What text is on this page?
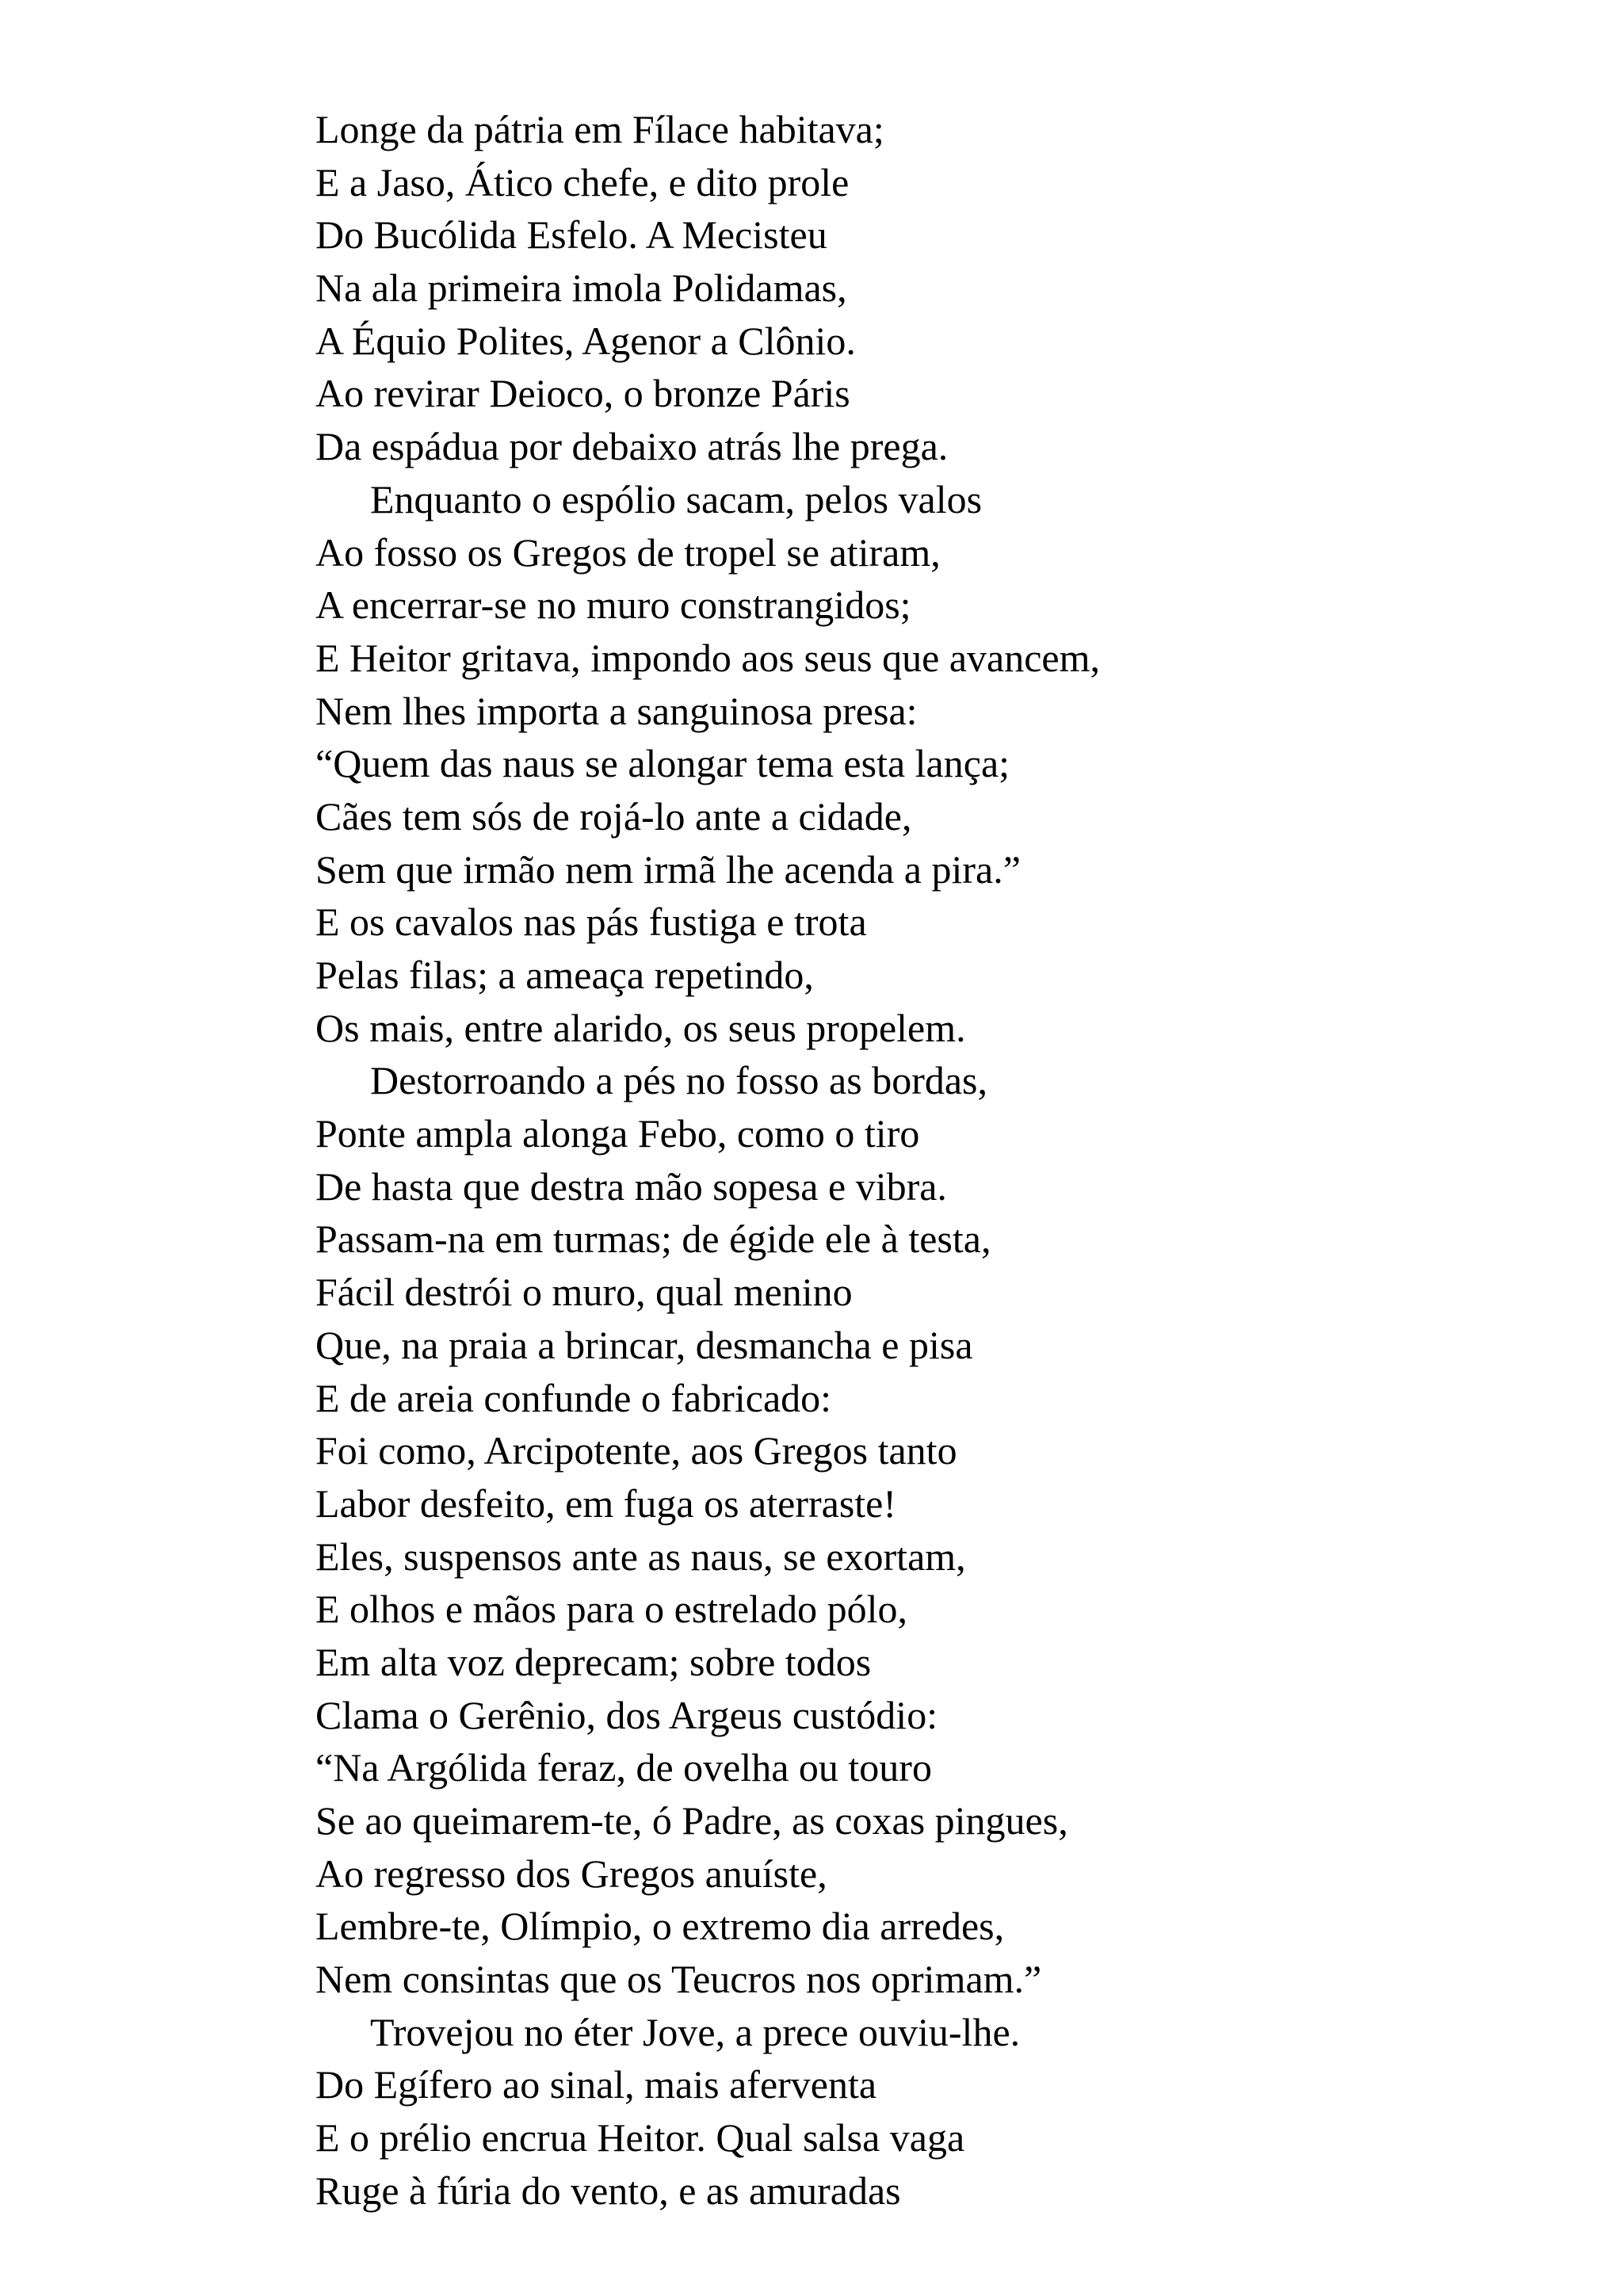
Longe da pátria em Fílace habitava;
E a Jaso, Ático chefe, e dito prole
Do Bucólida Esfelo. A Mecisteu
Na ala primeira imola Polidamas,
A Équio Polites, Agenor a Clônio.
Ao revirar Deioco, o bronze Páris
Da espádua por debaixo atrás lhe prega.
Enquanto o espólio sacam, pelos valos
Ao fosso os Gregos de tropel se atiram,
A encerrar-se no muro constrangidos;
E Heitor gritava, impondo aos seus que avancem,
Nem lhes importa a sanguinosa presa:
“Quem das naus se alongar tema esta lança;
Cães tem sós de rojá-lo ante a cidade,
Sem que irmão nem irmã lhe acenda a pira.”
E os cavalos nas pás fustiga e trota
Pelas filas; a ameaça repetindo,
Os mais, entre alarido, os seus propelem.
Destorroando a pés no fosso as bordas,
Ponte ampla alonga Febo, como o tiro
De hasta que destra mão sopesa e vibra.
Passam-na em turmas; de égide ele à testa,
Fácil destrói o muro, qual menino
Que, na praia a brincar, desmancha e pisa
E de areia confunde o fabricado:
Foi como, Arcipotente, aos Gregos tanto
Labor desfeito, em fuga os aterraste!
Eles, suspensos ante as naus, se exortam,
E olhos e mãos para o estrelado pólo,
Em alta voz deprecam; sobre todos
Clama o Gerênio, dos Argeus custódio:
“Na Argólida feraz, de ovelha ou touro
Se ao queimarem-te, ó Padre, as coxas pingues,
Ao regresso dos Gregos anuíste,
Lembre-te, Olímpio, o extremo dia arredes,
Nem consintas que os Teucros nos oprimam.”
Trovejou no éter Jove, a prece ouviu-lhe.
Do Egífero ao sinal, mais aferventa
E o prélio encrua Heitor. Qual salsa vaga
Ruge à fúria do vento, e as amuradas
